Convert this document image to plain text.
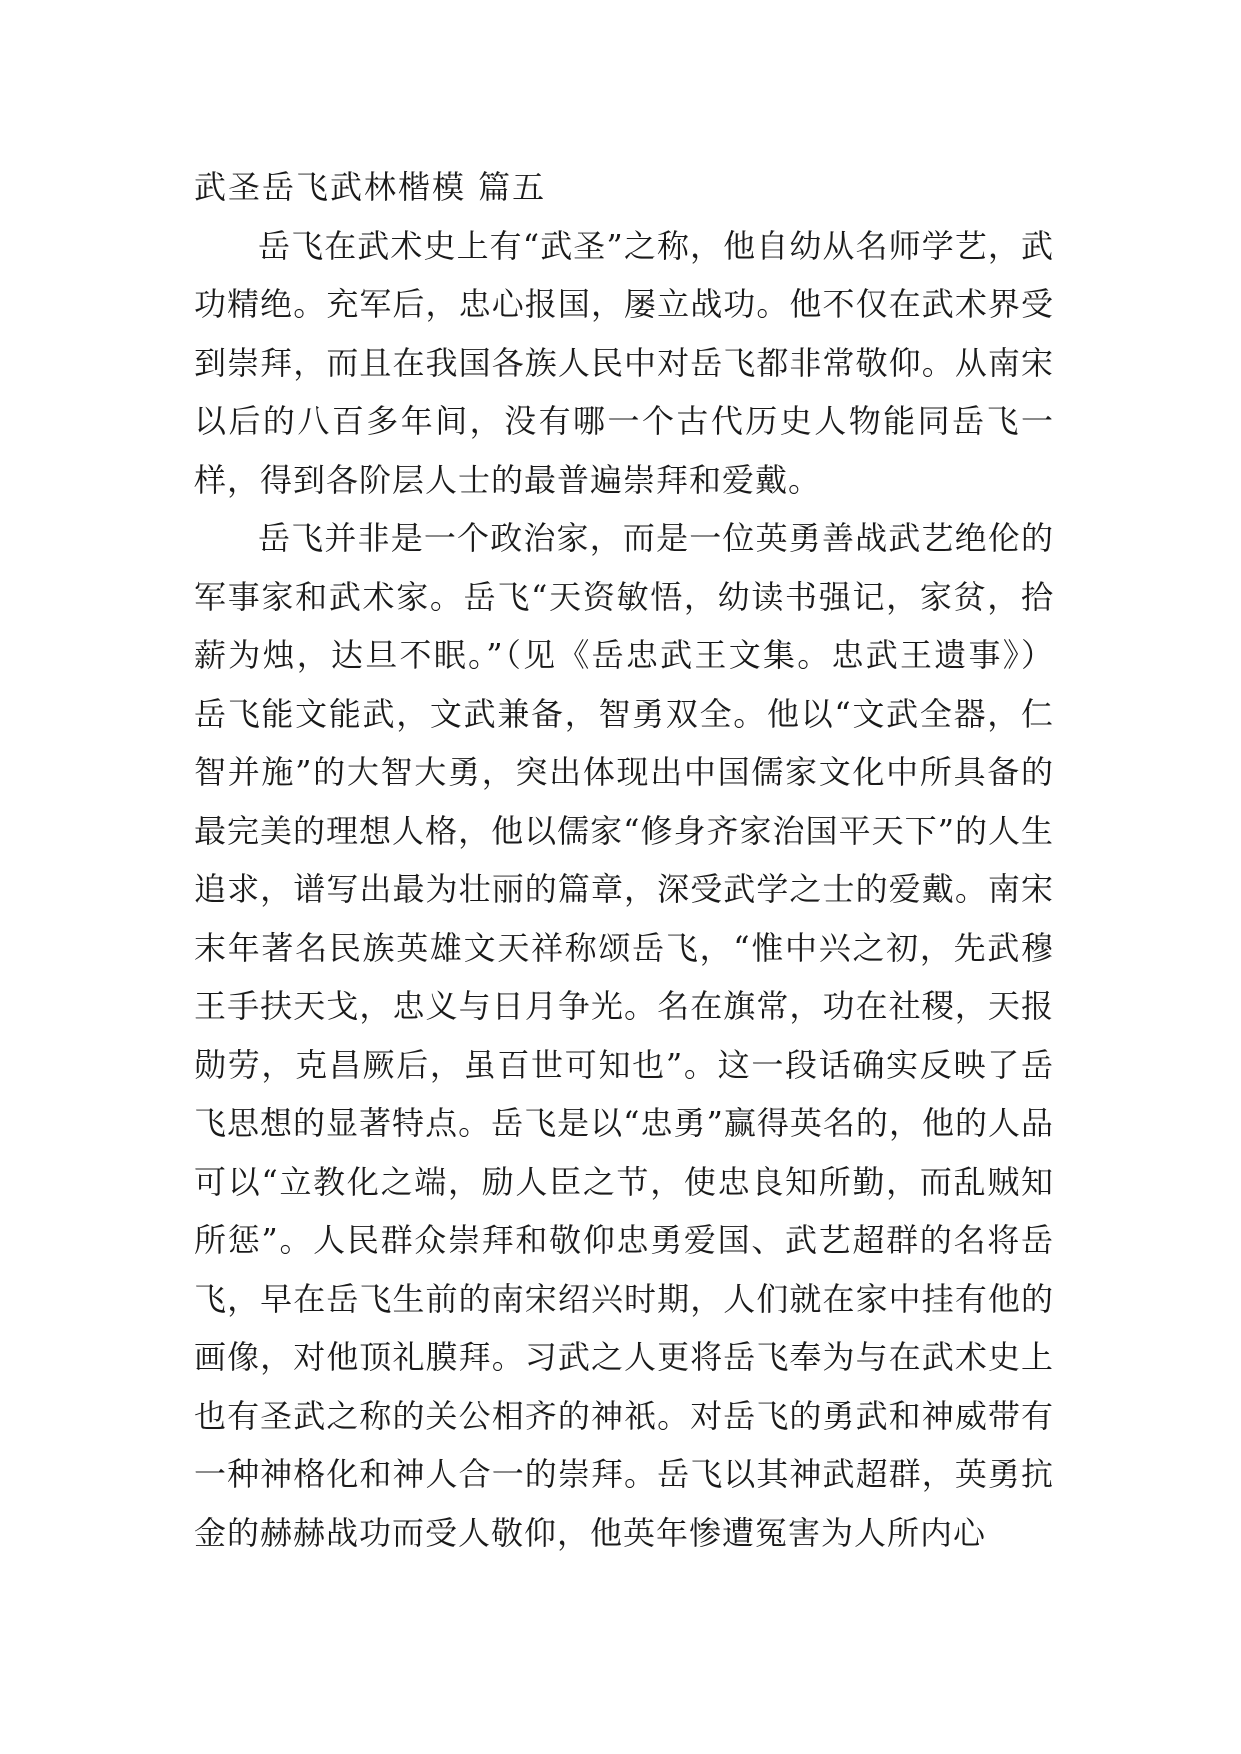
武圣岳飞武林楷模 篇五

岳飞在武术史上有“武圣”之称，他自幼从名师学艺，武功精绝。充军后，忠心报国，屡立战功。他不仅在武术界受到崇拜，而且在我国各族人民中对岳飞都非常敬仰。从南宋以后的八百多年间，没有哪一个古代历史人物能同岳飞一样，得到各阶层人士的最普遍崇拜和爱戴。

岳飞并非是一个政治家，而是一位英勇善战武艺绝伦的军事家和武术家。岳飞“天资敏悟，幼读书强记，家贫，拾薪为烛，达旦不眠。”（见《岳忠武王文集。忠武王遗事》）岳飞能文能武，文武兼备，智勇双全。他以“文武全器，仁智并施”的大智大勇，突出体现出中国儒家文化中所具备的最完美的理想人格，他以儒家“修身齐家治国平天下”的人生追求，谱写出最为壮丽的篇章，深受武学之士的爱戴。南宋末年著名民族英雄文天祥称颂岳飞，“惟中兴之初，先武穆王手扶天戈，忠义与日月争光。名在旗常，功在社稷，天报勋劳，克昌厥后，虽百世可知也”。这一段话确实反映了岳飞思想的显著特点。岳飞是以“忠勇”赢得英名的，他的人品可以“立教化之端，励人臣之节，使忠良知所勤，而乱贼知所惩”。人民群众崇拜和敬仰忠勇爱国、武艺超群的名将岳飞，早在岳飞生前的南宋绍兴时期，人们就在家中挂有他的画像，对他顶礼膜拜。习武之人更将岳飞奉为与在武术史上也有圣武之称的关公相齐的神祇。对岳飞的勇武和神威带有一种神格化和神人合一的崇拜。岳飞以其神武超群，英勇抗金的赫赫战功而受人敬仰，他英年惨遭冤害为人所内心
